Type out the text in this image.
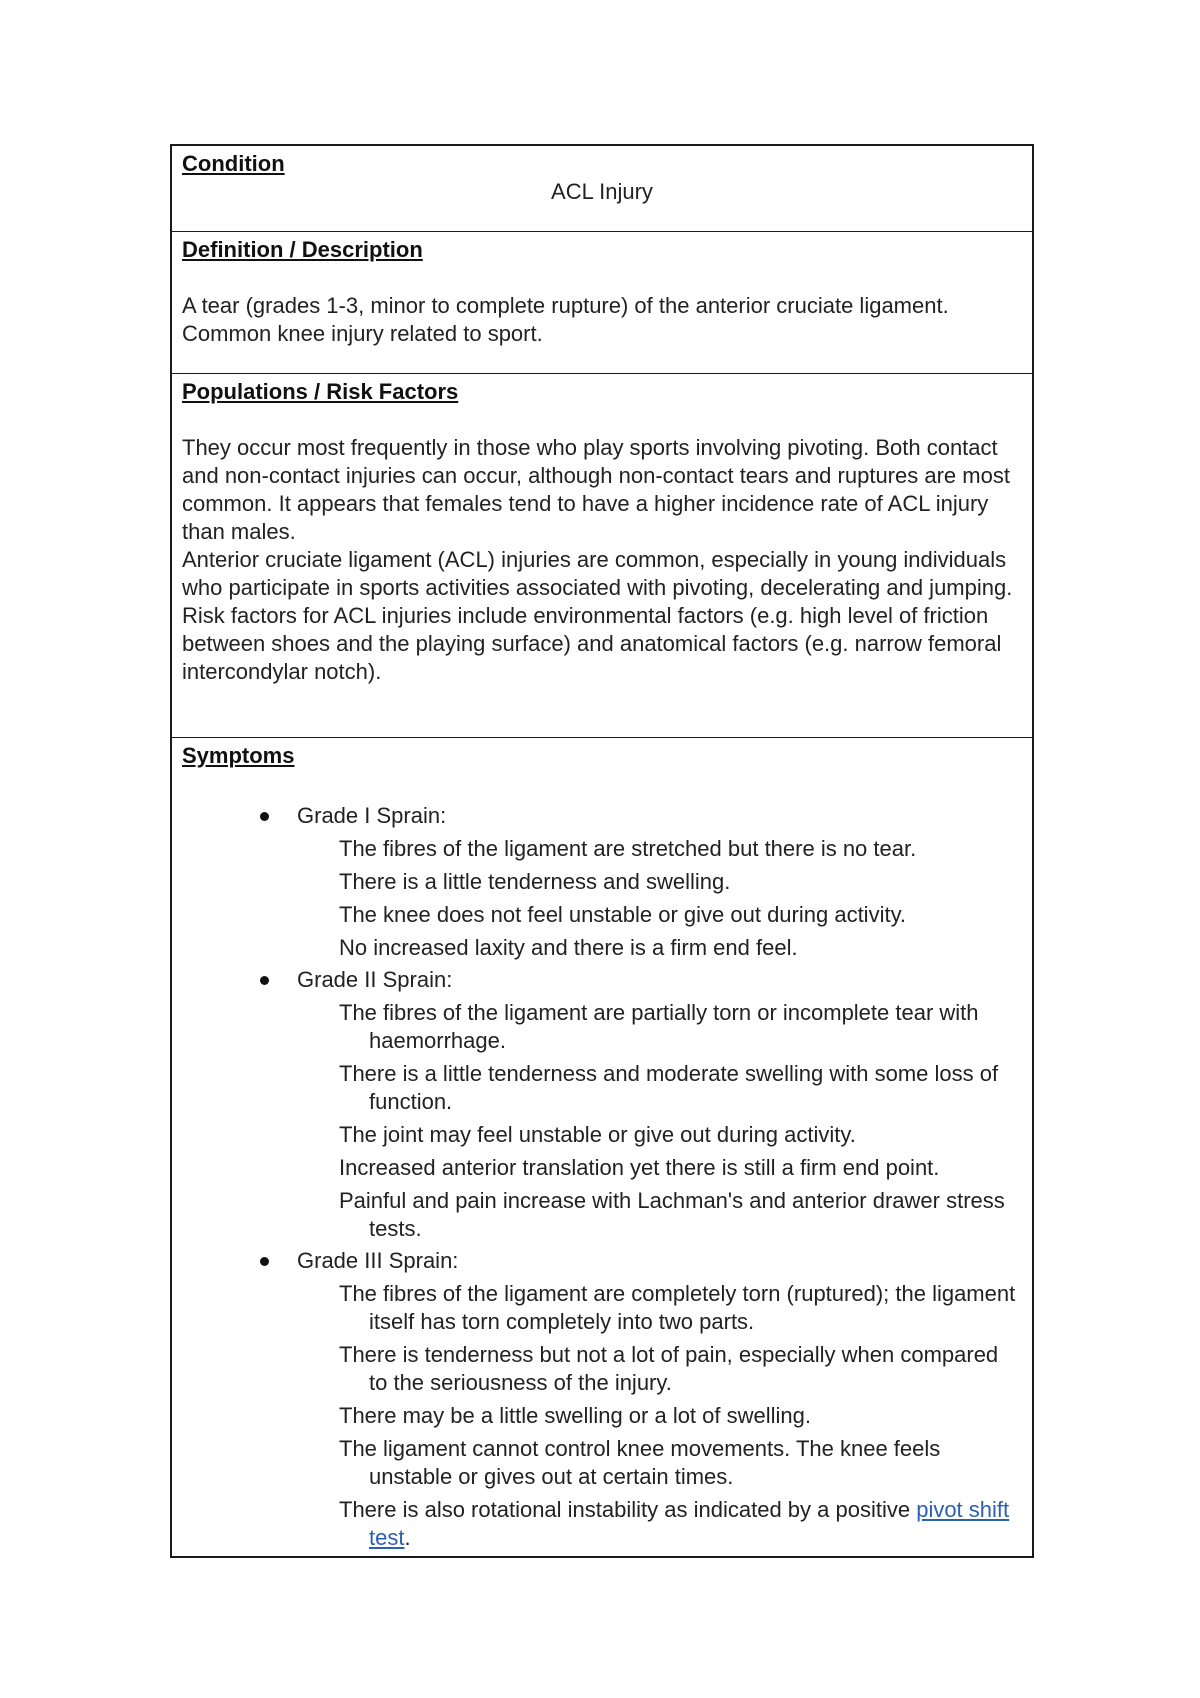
Condition
ACL Injury
Definition / Description

A tear (grades 1-3, minor to complete rupture) of the anterior cruciate ligament. Common knee injury related to sport.

Populations / Risk Factors

They occur most frequently in those who play sports involving pivoting. Both contact and non-contact injuries can occur, although non-contact tears and ruptures are most common. It appears that females tend to have a higher incidence rate of ACL injury than males.

Anterior cruciate ligament (ACL) injuries are common, especially in young individuals who participate in sports activities associated with pivoting, decelerating and jumping.

Risk factors for ACL injuries include environmental factors (e.g. high level of friction between shoes and the playing surface) and anatomical factors (e.g. narrow femoral intercondylar notch).

Symptoms
Grade I Sprain:
The fibres of the ligament are stretched but there is no tear.
There is a little tenderness and swelling.
The knee does not feel unstable or give out during activity.
No increased laxity and there is a firm end feel.
Grade II Sprain:
The fibres of the ligament are partially torn or incomplete tear with haemorrhage.
There is a little tenderness and moderate swelling with some loss of function.
The joint may feel unstable or give out during activity.
Increased anterior translation yet there is still a firm end point.
Painful and pain increase with Lachman's and anterior drawer stress tests.
Grade III Sprain:
The fibres of the ligament are completely torn (ruptured); the ligament itself has torn completely into two parts.
There is tenderness but not a lot of pain, especially when compared to the seriousness of the injury.
There may be a little swelling or a lot of swelling.
The ligament cannot control knee movements. The knee feels unstable or gives out at certain times.
There is also rotational instability as indicated by a positive pivot shift test.
